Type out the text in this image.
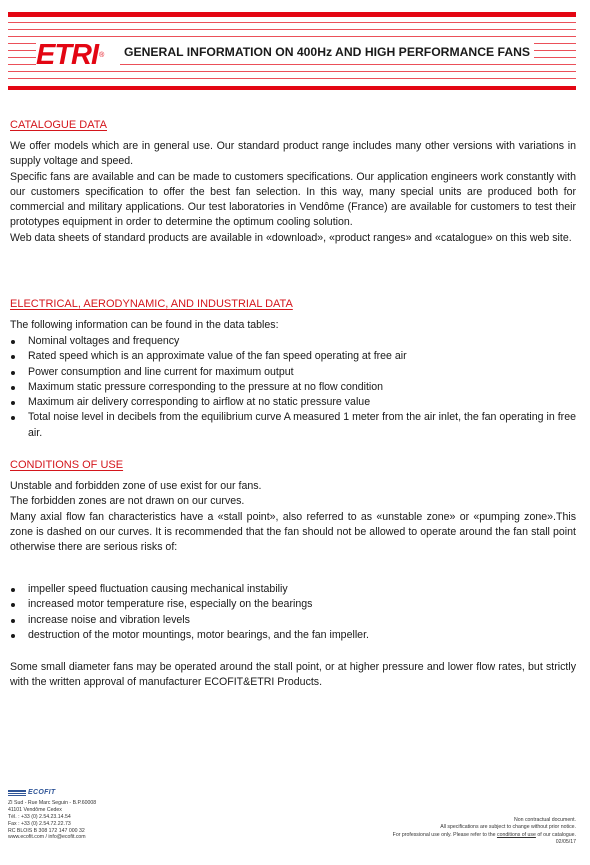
ETRI ®	GENERAL INFORMATION ON 400Hz AND HIGH PERFORMANCE FANS
CATALOGUE DATA

We offer models which are in general use. Our standard product range includes many other versions with variations in supply voltage and speed.

Specific fans are available and can be made to customers specifications. Our application engineers work constantly with our customers specification to offer the best fan selection. In this way, many special units are produced both for commercial and military applications. Our test laboratories in Vendôme (France) are available for customers to test their prototypes equipment in order to determine the optimum cooling solution.

Web data sheets of standard products are available in «download», «product ranges» and «catalogue» on this web site.

ELECTRICAL, AERODYNAMIC, AND INDUSTRIAL DATA
The following information can be found in the data tables:
Nominal voltages and frequency
Rated speed which is an approximate value of the fan speed operating at free air
Power consumption and line current for maximum output
Maximum static pressure corresponding to the pressure at no flow condition
Maximum air delivery corresponding to airflow at no static pressure value
Total noise level in decibels from the equilibrium curve A measured 1 meter from the air inlet, the fan operating in free air.
CONDITIONS OF USE

Unstable and forbidden zone of use exist for our fans.

The forbidden zones are not drawn on our curves.

Many axial flow fan characteristics have a «stall point», also referred to as «unstable zone» or «pumping zone».This zone is dashed on our curves. It is recommended that the fan should not be allowed to operate around the fan stall point otherwise there are serious risks of:

impeller speed fluctuation causing mechanical instabiliy
increased motor temperature rise, especially on the bearings
increase noise and vibration levels
destruction of the motor mountings, motor bearings, and the fan impeller.
Some small diameter fans may be operated around the stall point, or at higher pressure and lower flow rates, but strictly with the written approval of manufacturer ECOFIT&ETRI Products.
ECOFIT
ZI Sud - Rue Marc Seguin - B.P.60008
41101 Vendôme Cedex
Tél. : +33 (0) 2.54.23.14.54
Fax : +33 (0) 2.54.72.22.73
RC BLOIS B 308 172 147 000 32
www.ecofit.com / info@ecofit.com
Non contractual document.
All specifications are subject to change without prior notice.
For professional use only. Please refer to the conditions of use of our catalogue.
02/05/17
